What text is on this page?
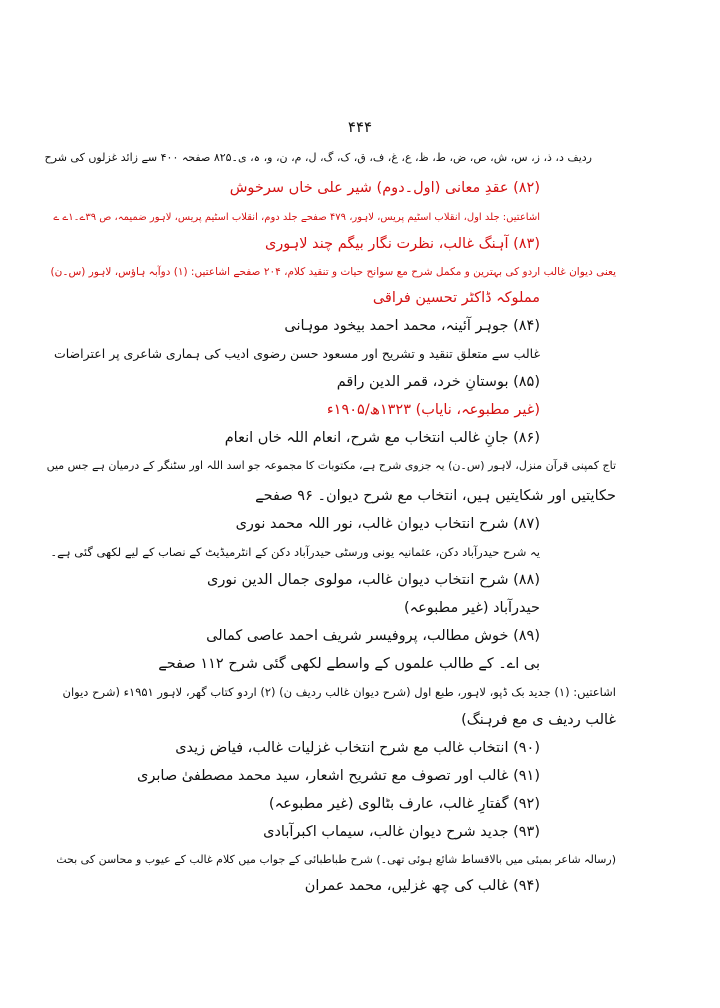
۴۴۴
ردیف د، ذ، ز، س، ش، ص، ض، ط، ظ، ع، غ، ف، ق، ک، گ، ل، م، ن، و، ہ، ی۔۸۲۵ صفحہ ۴۰۰ سے زائد غزلوں کی شرح
(۸۲) عقدِ معانی (اول۔دوم) شیر علی خاں سرخوش
اشاعتیں: جلد اول، انقلاب اسٹیم پریس، لاہور، ۴۷۹ صفحے جلد دوم، انقلاب اسٹیم پریس، لاہور ضمیمہ، ص ۳۹ے۔۱ے ے
(۸۳) آہنگ غالب، نظرت نگار بیگم چند لاہوری
یعنی دیوان غالب اردو کی بہترین و مکمل شرح مع سوانح حیات و تنقید کلام، ۲۰۴ صفحے اشاعتیں: (۱) دوآبہ ہاؤس، لاہور (س۔ن)
مملوکہ ڈاکٹر تحسین فراقی
(۸۴) جوہر آئینہ، محمد احمد بیخود موہانی
غالب سے متعلق تنقید و تشریح اور مسعود حسن رضوی ادیب کی ہماری شاعری پر اعتراضات
(۸۵) بوستانِ خرد، قمر الدین راقم
(غیر مطبوعہ، نایاب) ۱۳۲۳ھ/۱۹۰۵ء
(۸۶) جانِ غالب انتخاب مع شرح، انعام اللہ خاں انعام
تاج کمپنی قرآن منزل، لاہور (س۔ن) یہ جزوی شرح ہے، مکتوبات کا مجموعہ جو اسد اللہ اور سٹنگر کے درمیان ہے جس میں
حکایتیں اور شکایتیں ہیں، انتخاب مع شرح دیوان۔ ۹۶ صفحے
(۸۷) شرح انتخاب دیوان غالب، نور اللہ محمد نوری
یہ شرح حیدرآباد دکن، عثمانیہ یونی ورسٹی حیدرآباد دکن کے انٹرمیڈیٹ کے نصاب کے لیے لکھی گئی ہے۔
(۸۸) شرح انتخاب دیوان غالب، مولوی جمال الدین نوری
حیدرآباد (غیر مطبوعہ)
(۸۹) خوش مطالب، پروفیسر شریف احمد عاصی کمالی
بی اے۔ کے طالب علموں کے واسطے لکھی گئی شرح ۱۱۲ صفحے
اشاعتیں: (۱) جدید بک ڈپو، لاہور، طبع اول (شرح دیوان غالب ردیف ن) (۲) اردو کتاب گھر، لاہور ۱۹۵۱ء (شرح دیوان
غالب ردیف ی مع فرہنگ)
(۹۰) انتخاب غالب مع شرح انتخاب غزلیات غالب، فیاض زیدی
(۹۱) غالب اور تصوف مع تشریح اشعار، سید محمد مصطفیٰ صابری
(۹۲) گفتارِ غالب، عارف بٹالوی (غیر مطبوعہ)
(۹۳) جدید شرح دیوان غالب، سیماب اکبرآبادی
(رسالہ شاعر بمبئی میں بالاقساط شائع ہوئی تھی۔) شرح طباطبائی کے جواب میں کلام غالب کے عیوب و محاسن کی بحث
(۹۴) غالب کی چھ غزلیں، محمد عمران
